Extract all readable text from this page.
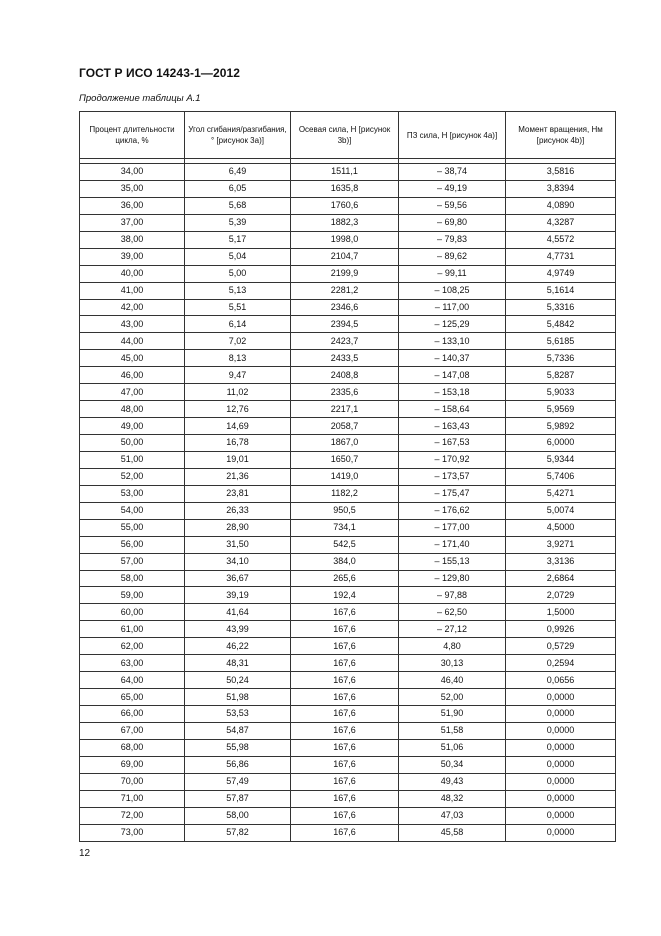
ГОСТ Р ИСО 14243-1—2012
Продолжение таблицы А.1
Процент длительности цикла, %	Угол сгибания/разгибания, ° [рисунок 3a)]	Осевая сила, Н [рисунок 3b)]	ПЗ сила, Н [рисунок 4a)]	Момент вращения, Нм [рисунок 4b)]

34,00	6,49	1511,1	– 38,74	3,5816
35,00	6,05	1635,8	– 49,19	3,8394
36,00	5,68	1760,6	– 59,56	4,0890
37,00	5,39	1882,3	– 69,80	4,3287
38,00	5,17	1998,0	– 79,83	4,5572
39,00	5,04	2104,7	– 89,62	4,7731
40,00	5,00	2199,9	– 99,11	4,9749
41,00	5,13	2281,2	– 108,25	5,1614
42,00	5,51	2346,6	– 117,00	5,3316
43,00	6,14	2394,5	– 125,29	5,4842
44,00	7,02	2423,7	– 133,10	5,6185
45,00	8,13	2433,5	– 140,37	5,7336
46,00	9,47	2408,8	– 147,08	5,8287
47,00	11,02	2335,6	– 153,18	5,9033
48,00	12,76	2217,1	– 158,64	5,9569
49,00	14,69	2058,7	– 163,43	5,9892
50,00	16,78	1867,0	– 167,53	6,0000
51,00	19,01	1650,7	– 170,92	5,9344
52,00	21,36	1419,0	– 173,57	5,7406
53,00	23,81	1182,2	– 175,47	5,4271
54,00	26,33	950,5	– 176,62	5,0074
55,00	28,90	734,1	– 177,00	4,5000
56,00	31,50	542,5	– 171,40	3,9271
57,00	34,10	384,0	– 155,13	3,3136
58,00	36,67	265,6	– 129,80	2,6864
59,00	39,19	192,4	– 97,88	2,0729
60,00	41,64	167,6	– 62,50	1,5000
61,00	43,99	167,6	– 27,12	0,9926
62,00	46,22	167,6	4,80	0,5729
63,00	48,31	167,6	30,13	0,2594
64,00	50,24	167,6	46,40	0,0656
65,00	51,98	167,6	52,00	0,0000
66,00	53,53	167,6	51,90	0,0000
67,00	54,87	167,6	51,58	0,0000
68,00	55,98	167,6	51,06	0,0000
69,00	56,86	167,6	50,34	0,0000
70,00	57,49	167,6	49,43	0,0000
71,00	57,87	167,6	48,32	0,0000
72,00	58,00	167,6	47,03	0,0000
73,00	57,82	167,6	45,58	0,0000
12
